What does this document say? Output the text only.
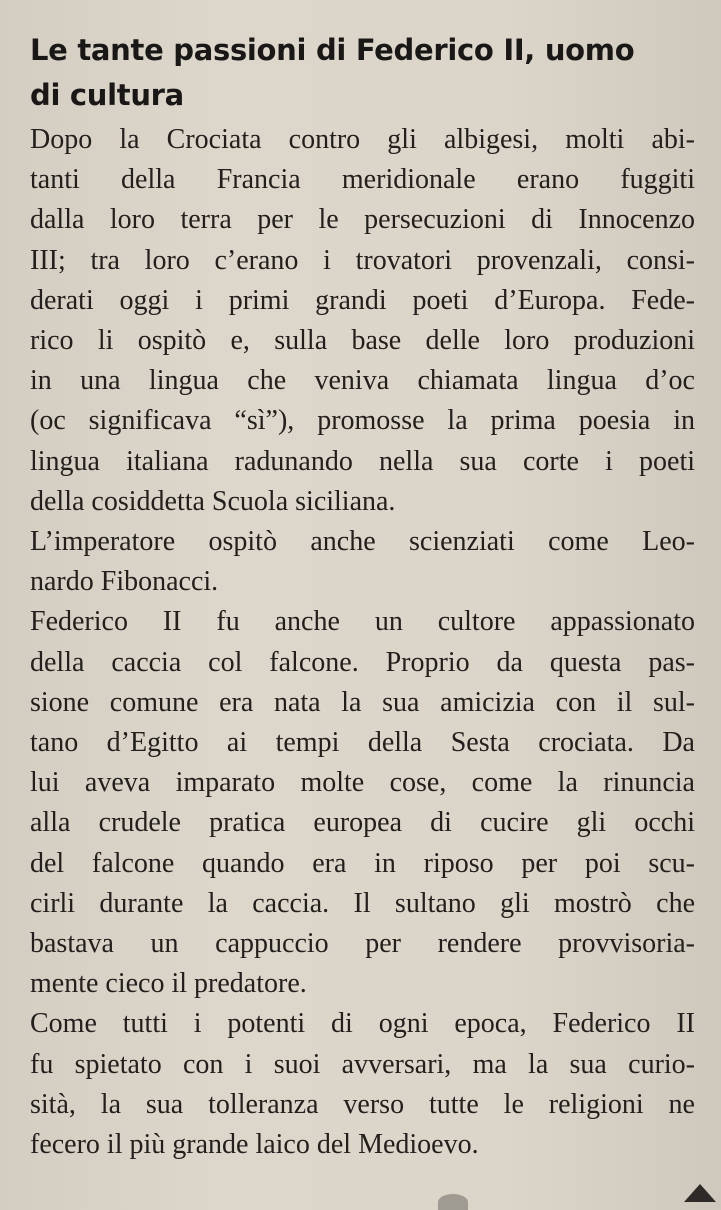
Le tante passioni di Federico II, uomo
di cultura

Dopo la Crociata contro gli albigesi, molti abi-
tanti della Francia meridionale erano fuggiti
dalla loro terra per le persecuzioni di Innocenzo
III; tra loro c’erano i trovatori provenzali, consi-
derati oggi i primi grandi poeti d’Europa. Fede-
rico li ospitò e, sulla base delle loro produzioni
in una lingua che veniva chiamata lingua d’oc
(oc significava “sì”), promosse la prima poesia in
lingua italiana radunando nella sua corte i poeti
della cosiddetta Scuola siciliana.

L’imperatore ospitò anche scienziati come Leo-
nardo Fibonacci.

Federico II fu anche un cultore appassionato
della caccia col falcone. Proprio da questa pas-
sione comune era nata la sua amicizia con il sul-
tano d’Egitto ai tempi della Sesta crociata. Da
lui aveva imparato molte cose, come la rinuncia
alla crudele pratica europea di cucire gli occhi
del falcone quando era in riposo per poi scu-
cirli durante la caccia. Il sultano gli mostrò che
bastava un cappuccio per rendere provvisoria-
mente cieco il predatore.

Come tutti i potenti di ogni epoca, Federico II
fu spietato con i suoi avversari, ma la sua curio-
sità, la sua tolleranza verso tutte le religioni ne
fecero il più grande laico del Medioevo.
